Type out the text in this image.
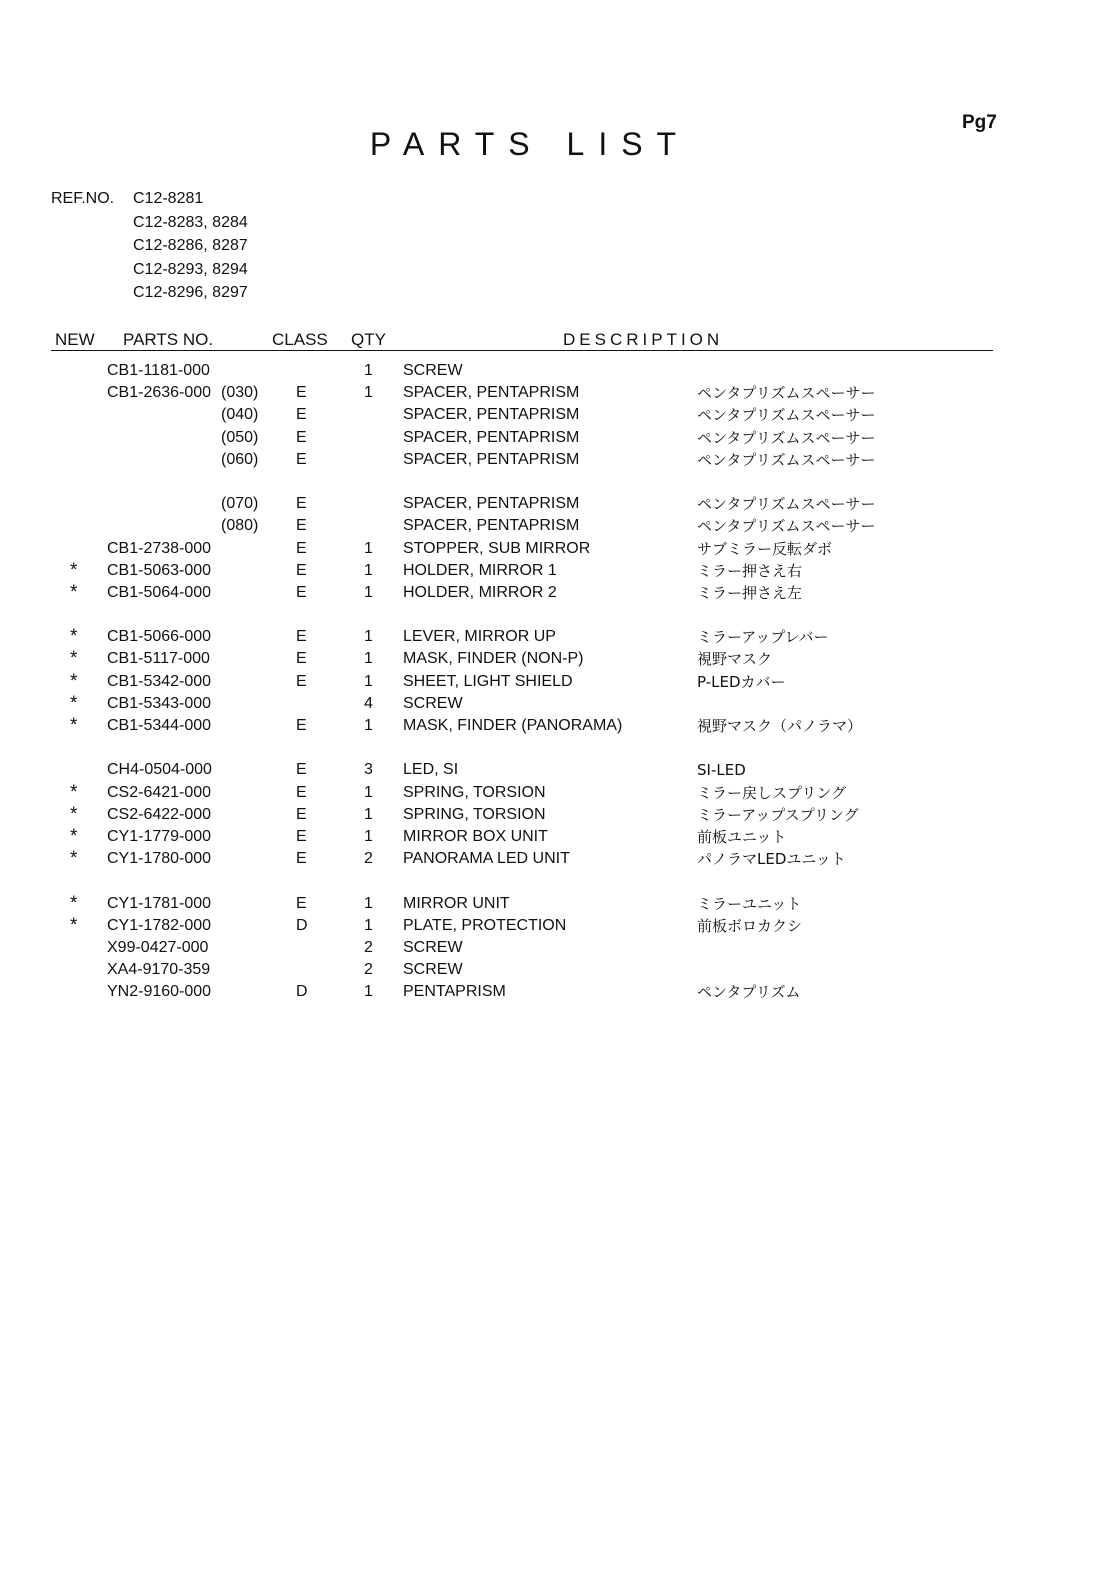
Pg7
PARTS LIST
REF.NO. C12-8281
C12-8283, 8284
C12-8286, 8287
C12-8293, 8294
C12-8296, 8297
NEW PARTS NO.	CLASS QTY	DESCRIPTION
CB1-1181-000	1 SCREW
CB1-2636-000 (030) E	1 SPACER, PENTAPRISM	ペンタプリズムスペーサー
(040) E	SPACER, PENTAPRISM	ペンタプリズムスペーサー
(050) E	SPACER, PENTAPRISM	ペンタプリズムスペーサー
(060) E	SPACER, PENTAPRISM	ペンタプリズムスペーサー
(070) E	SPACER, PENTAPRISM	ペンタプリズムスペーサー
(080) E	SPACER, PENTAPRISM	ペンタプリズムスペーサー
CB1-2738-000	E	1 STOPPER, SUB MIRROR	サブミラー反転ダボ
* CB1-5063-000	E	1 HOLDER, MIRROR 1	ミラー押さえ右
* CB1-5064-000	E	1 HOLDER, MIRROR 2	ミラー押さえ左
* CB1-5066-000	E	1 LEVER, MIRROR UP	ミラーアップレバー
* CB1-5117-000	E	1 MASK, FINDER (NON-P)	視野マスク
* CB1-5342-000	E	1 SHEET, LIGHT SHIELD	P-LEDカバー
* CB1-5343-000	4 SCREW
* CB1-5344-000	E	1 MASK, FINDER (PANORAMA)	視野マスク（パノラマ）
CH4-0504-000	E	3 LED, SI	SI-LED
* CS2-6421-000	E	1 SPRING, TORSION	ミラー戻しスプリング
* CS2-6422-000	E	1 SPRING, TORSION	ミラーアップスプリング
* CY1-1779-000	E	1 MIRROR BOX UNIT	前板ユニット
* CY1-1780-000	E	2 PANORAMA LED UNIT	パノラマLEDユニット
* CY1-1781-000	E	1 MIRROR UNIT	ミラーユニット
* CY1-1782-000	D	1 PLATE, PROTECTION	前板ボロカクシ
X99-0427-000	2 SCREW
XA4-9170-359	2 SCREW
YN2-9160-000	D	1 PENTAPRISM	ペンタプリズム
